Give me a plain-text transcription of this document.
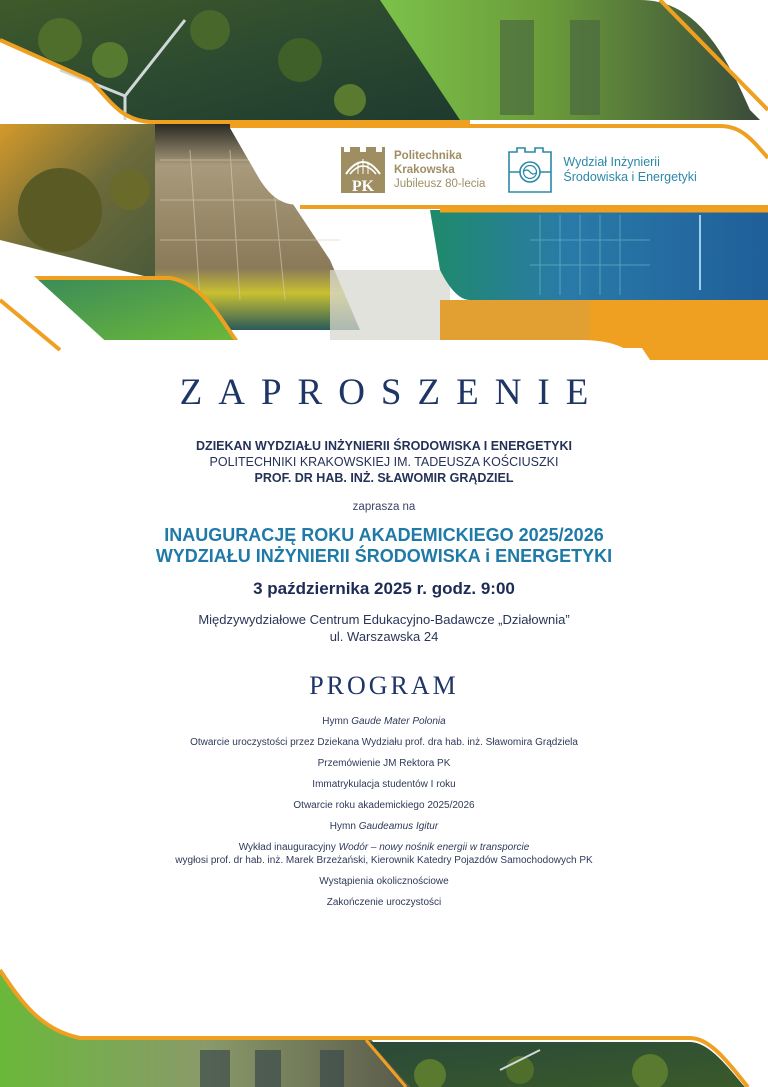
PK
Politechnika
Krakowska
Jubileusz 80-lecia
Wydział Inżynierii
Środowiska i Energetyki
ZAPROSZENIE
DZIEKAN WYDZIAŁU INŻYNIERII ŚRODOWISKA I ENERGETYKI
POLITECHNIKI KRAKOWSKIEJ IM. TADEUSZA KOŚCIUSZKI
PROF. DR HAB. INŻ. SŁAWOMIR GRĄDZIEL
zaprasza na
INAUGURACJĘ ROKU AKADEMICKIEGO 2025/2026
WYDZIAŁU INŻYNIERII ŚRODOWISKA i ENERGETYKI
3 października 2025 r. godz. 9:00
Międzywydziałowe Centrum Edukacyjno-Badawcze „Działownia”
ul. Warszawska 24
PROGRAM
Hymn Gaude Mater Polonia
Otwarcie uroczystości przez Dziekana Wydziału prof. dra hab. inż. Sławomira Grądziela
Przemówienie JM Rektora PK
Immatrykulacja studentów I roku
Otwarcie roku akademickiego 2025/2026
Hymn Gaudeamus Igitur
Wykład inauguracyjny Wodór – nowy nośnik energii w transporcie
wygłosi prof. dr hab. inż. Marek Brzeżański, Kierownik Katedry Pojazdów Samochodowych PK
Wystąpienia okolicznościowe
Zakończenie uroczystości
